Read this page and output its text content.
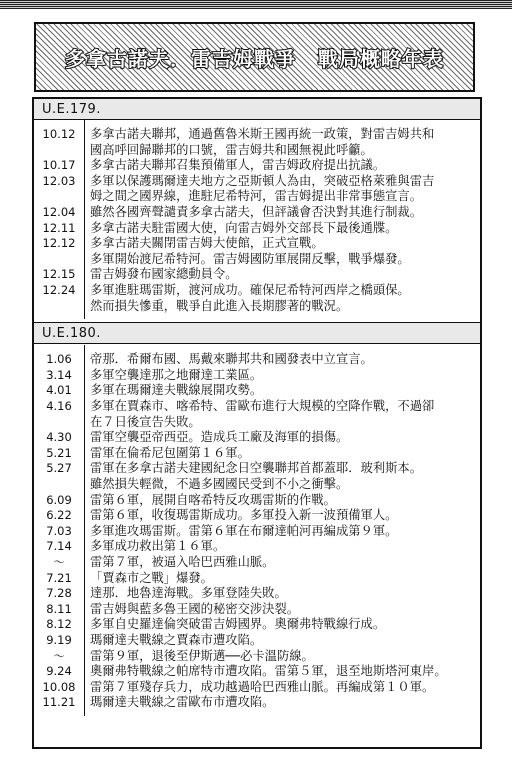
多拿古諾夫．雷吉姆戰爭 戰局概略年表
U.E.179.
10.12	多拿古諾夫聯邦，通過舊魯米斯王國再統一政策，對雷吉姆共和
國高呼回歸聯邦的口號，雷吉姆共和國無視此呼籲。
10.17	多拿古諾夫聯邦召集預備軍人，雷吉姆政府提出抗議。
12.03	多軍以保護瑪爾達夫地方之亞斯頓人為由，突破亞格萊雅與雷吉
姆之間之國界線，進駐尼希特河，雷吉姆提出非常事態宣言。
12.04	雖然各國齊聲譴責多拿古諾夫，但評議會否決對其進行制裁。
12.11	多拿古諾夫駐雷國大使，向雷吉姆外交部長下最後通牒。
12.12	多拿古諾夫關閉雷吉姆大使館，正式宣戰。
多軍開始渡尼希特河。雷吉姆國防軍展開反擊，戰爭爆發。
12.15	雷吉姆發布國家總動員令。
12.24	多軍進駐瑪雷斯，渡河成功。確保尼希特河西岸之橋頭保。
然而損失慘重，戰爭自此進入長期膠著的戰況。
U.E.180.
1.06	帝那．希爾布國、馬戴來聯邦共和國發表中立宣言。
3.14	多軍空襲達那之地爾達工業區。
4.01	多軍在瑪爾達夫戰線展開攻勢。
4.16	多軍在賈森市、喀希特、雷歐布進行大規模的空降作戰，不過卻
在７日後宣告失敗。
4.30	雷軍空襲亞帝西亞。造成兵工廠及海軍的損傷。
5.21	雷軍在倫希尼包圍第１６軍。
5.27	雷軍在多拿古諾夫建國紀念日空襲聯邦首都蓋耶．玻利斯本。
雖然損失輕微，不過多國國民受到不小之衝擊。
6.09	雷第６軍，展開自喀希特反攻瑪雷斯的作戰。
6.22	雷第６軍，收復瑪雷斯成功。多軍投入新一波預備軍人。
7.03	多軍進攻瑪雷斯。雷第６軍在布爾達帕河再編成第９軍。
7.14	多軍成功救出第１６軍。
～	雷第７軍，被逼入哈巴西雅山脈。
7.21	「賈森市之戰」爆發。
7.28	達那．地魯達海戰。多軍登陸失敗。
8.11	雷吉姆與藍多魯王國的秘密交涉決裂。
8.12	多軍自史羅達倫突破雷吉姆國界。奧爾弗特戰線行成。
9.19	瑪爾達夫戰線之賈森市遭攻陷。
～	雷第９軍，退後至伊斯邁──必卡溫防線。
9.24	奧爾弗特戰線之帕席特市遭攻陷。雷第５軍，退至地斯塔河東岸。
10.08	雷第７軍殘存兵力，成功越過哈巴西雅山脈。再編成第１０軍。
11.21	瑪爾達夫戰線之雷歐布市遭攻陷。
